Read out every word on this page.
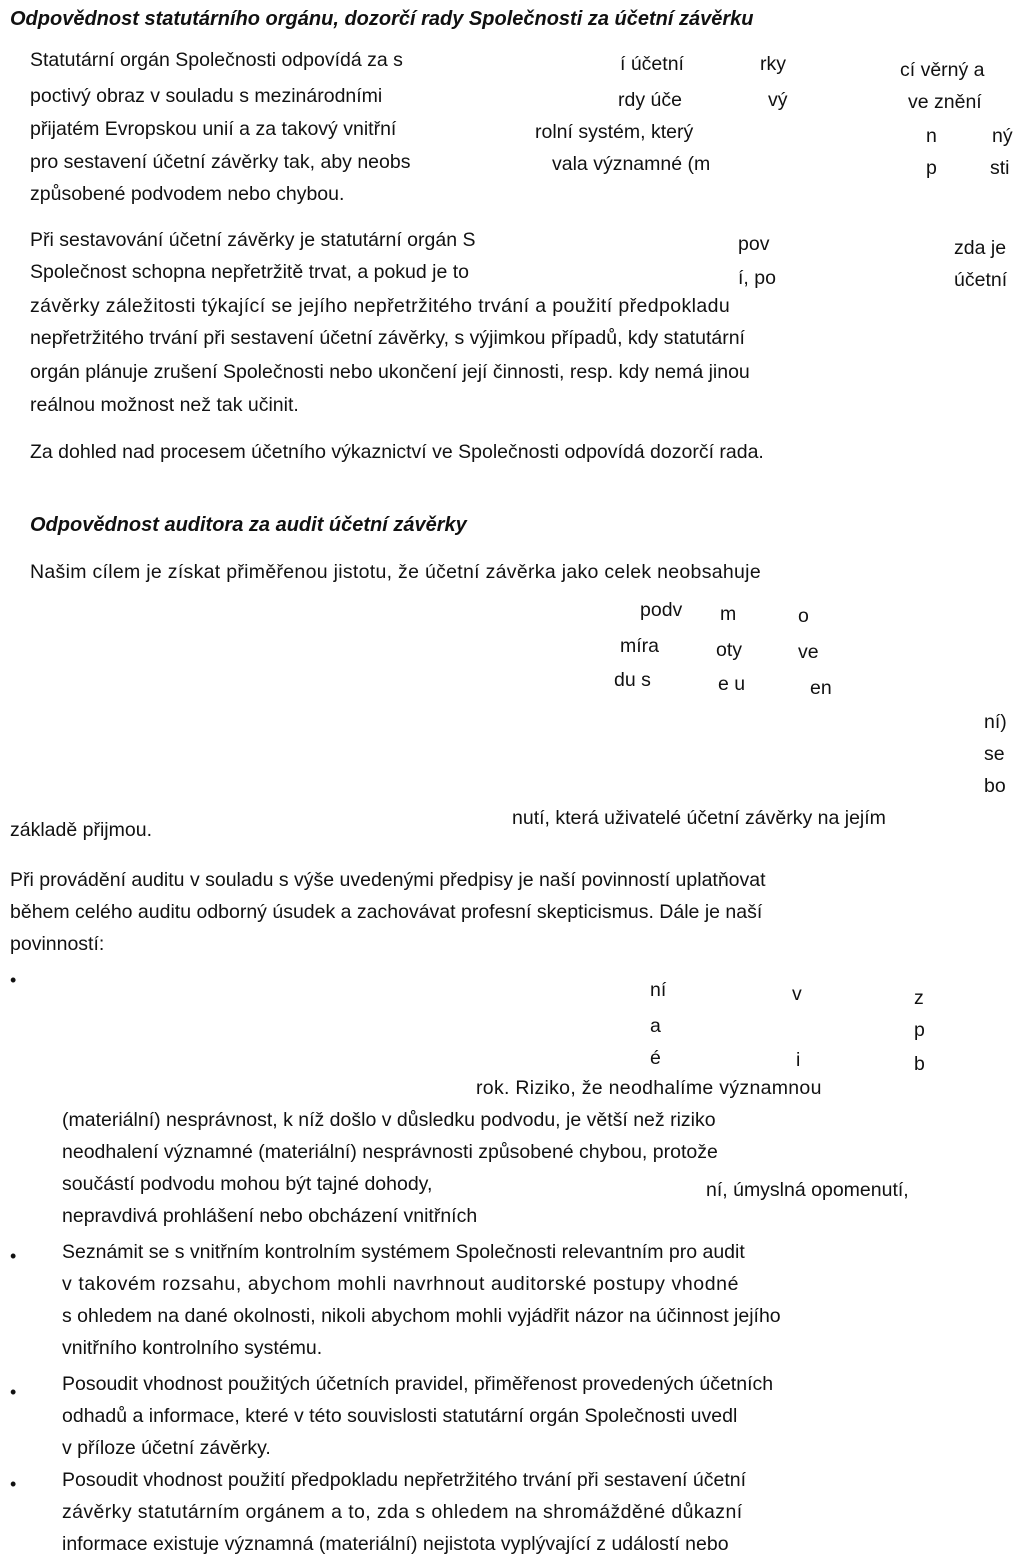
Odpovědnost statutárního orgánu, dozorčí rady Společnosti za účetní závěrku
Statutární orgán Společnosti odpovídá za s
poctivý obraz v souladu s mezinárodními
přijatém Evropskou unií a za takový vnitřní
pro sestavení účetní závěrky tak, aby neobs
způsobené podvodem nebo chybou.
í účetní	rky
rdy úče	vý
rolní systém, který
vala významné (m
cí věrný a
ve znění
n	ný
p	sti
Při sestavování účetní závěrky je statutární orgán S
Společnost schopna nepřetržitě trvat, a pokud je to
závěrky záležitosti týkající se jejího nepřetržitého trvání a použití předpokladu
nepřetržitého trvání při sestavení účetní závěrky, s výjimkou případů, kdy statutární
orgán plánuje zrušení Společnosti nebo ukončení její činnosti, resp. kdy nemá jinou
reálnou možnost než tak učinit.
pov	zda je
í, po	účetní
Za dohled nad procesem účetního výkaznictví ve Společnosti odpovídá dozorčí rada.
Odpovědnost auditora za audit účetní závěrky
Našim cílem je získat přiměřenou jistotu, že účetní závěrka jako celek neobsahuje
podv m	o
míra	oty	ve
du s	e u	en
ní)
se
bo
základě přijmou.
nutí, která uživatelé účetní závěrky na jejím
Při provádění auditu v souladu s výše uvedenými předpisy je naší povinností uplatňovat
během celého auditu odborný úsudek a zachovávat profesní skepticismus. Dále je naší
povinností:
•	ní	v	z
a	p
é	i	b
rok. Riziko, že neodhalíme významnou
(materiální) nesprávnost, k níž došlo v důsledku podvodu, je větší než riziko
neodhalení významné (materiální) nesprávnosti způsobené chybou, protože
součástí podvodu mohou být tajné dohody,
nepravdivá prohlášení nebo obcházení vnitřních
ní, úmyslná opomenutí,
• Seznámit se s vnitřním kontrolním systémem Společnosti relevantním pro audit
v takovém rozsahu, abychom mohli navrhnout auditorské postupy vhodné
s ohledem na dané okolnosti, nikoli abychom mohli vyjádřit názor na účinnost jejího
vnitřního kontrolního systému.
• Posoudit vhodnost použitých účetních pravidel, přiměřenost provedených účetních
odhadů a informace, které v této souvislosti statutární orgán Společnosti uvedl
v příloze účetní závěrky.
• Posoudit vhodnost použití předpokladu nepřetržitého trvání při sestavení účetní
závěrky statutárním orgánem a to, zda s ohledem na shromážděné důkazní
informace existuje významná (materiální) nejistota vyplývající z událostí nebo
